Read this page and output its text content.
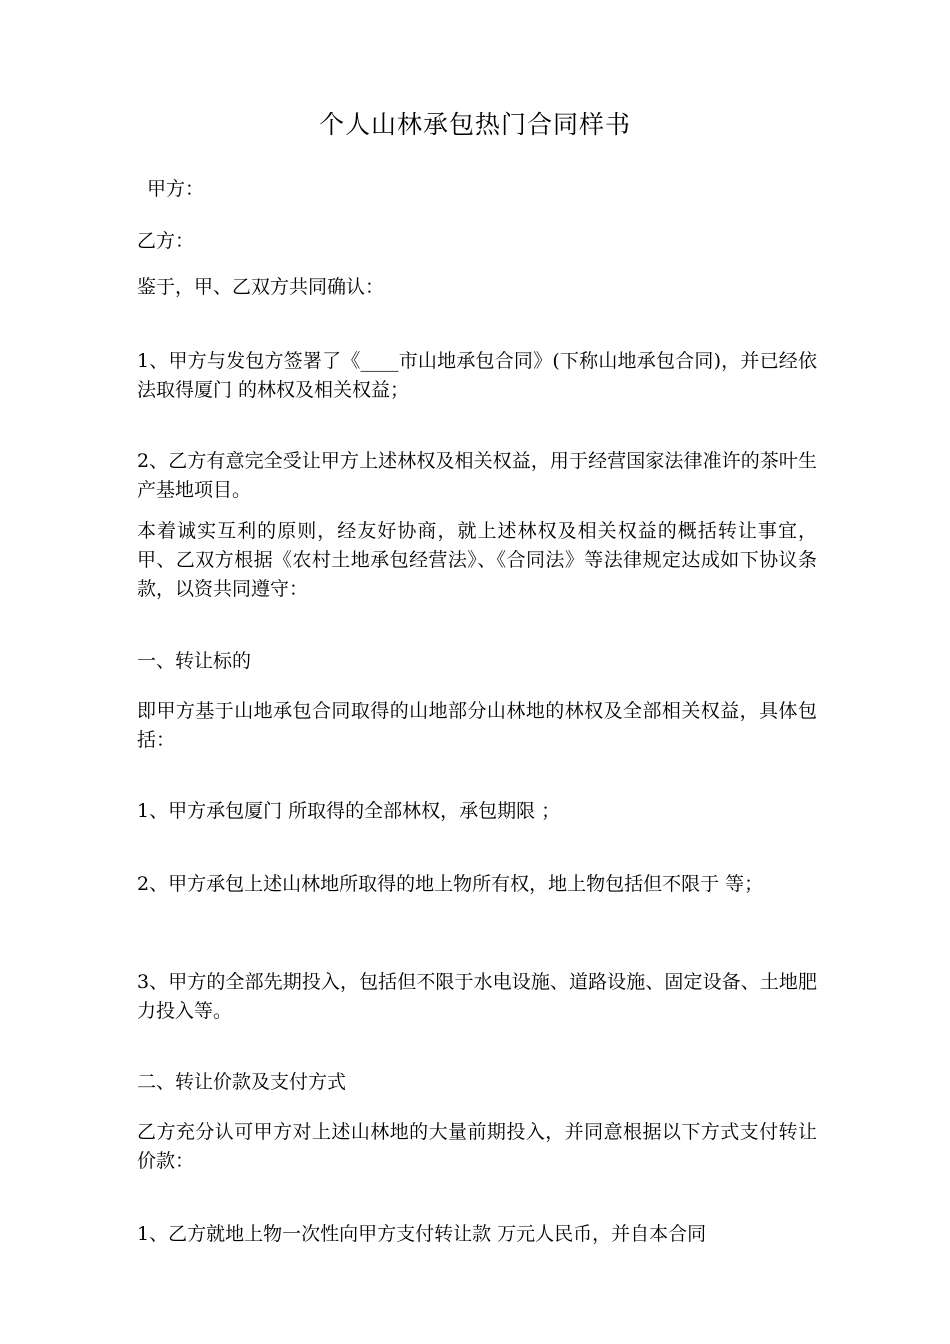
个人山林承包热门合同样书
甲方：
乙方：
鉴于，甲、乙双方共同确认：
1、甲方与发包方签署了《____市山地承包合同》(下称山地承包合同)，并已经依法取得厦门 的林权及相关权益；
2、乙方有意完全受让甲方上述林权及相关权益，用于经营国家法律准许的茶叶生产基地项目。
本着诚实互利的原则，经友好协商，就上述林权及相关权益的概括转让事宜，甲、乙双方根据《农村土地承包经营法》、《合同法》等法律规定达成如下协议条款，以资共同遵守：
一、转让标的
即甲方基于山地承包合同取得的山地部分山林地的林权及全部相关权益，具体包括：
1、甲方承包厦门 所取得的全部林权，承包期限 ；
2、甲方承包上述山林地所取得的地上物所有权，地上物包括但不限于 等；
3、甲方的全部先期投入，包括但不限于水电设施、道路设施、固定设备、土地肥力投入等。
二、转让价款及支付方式
乙方充分认可甲方对上述山林地的大量前期投入，并同意根据以下方式支付转让价款：
1、乙方就地上物一次性向甲方支付转让款 万元人民币，并自本合同
